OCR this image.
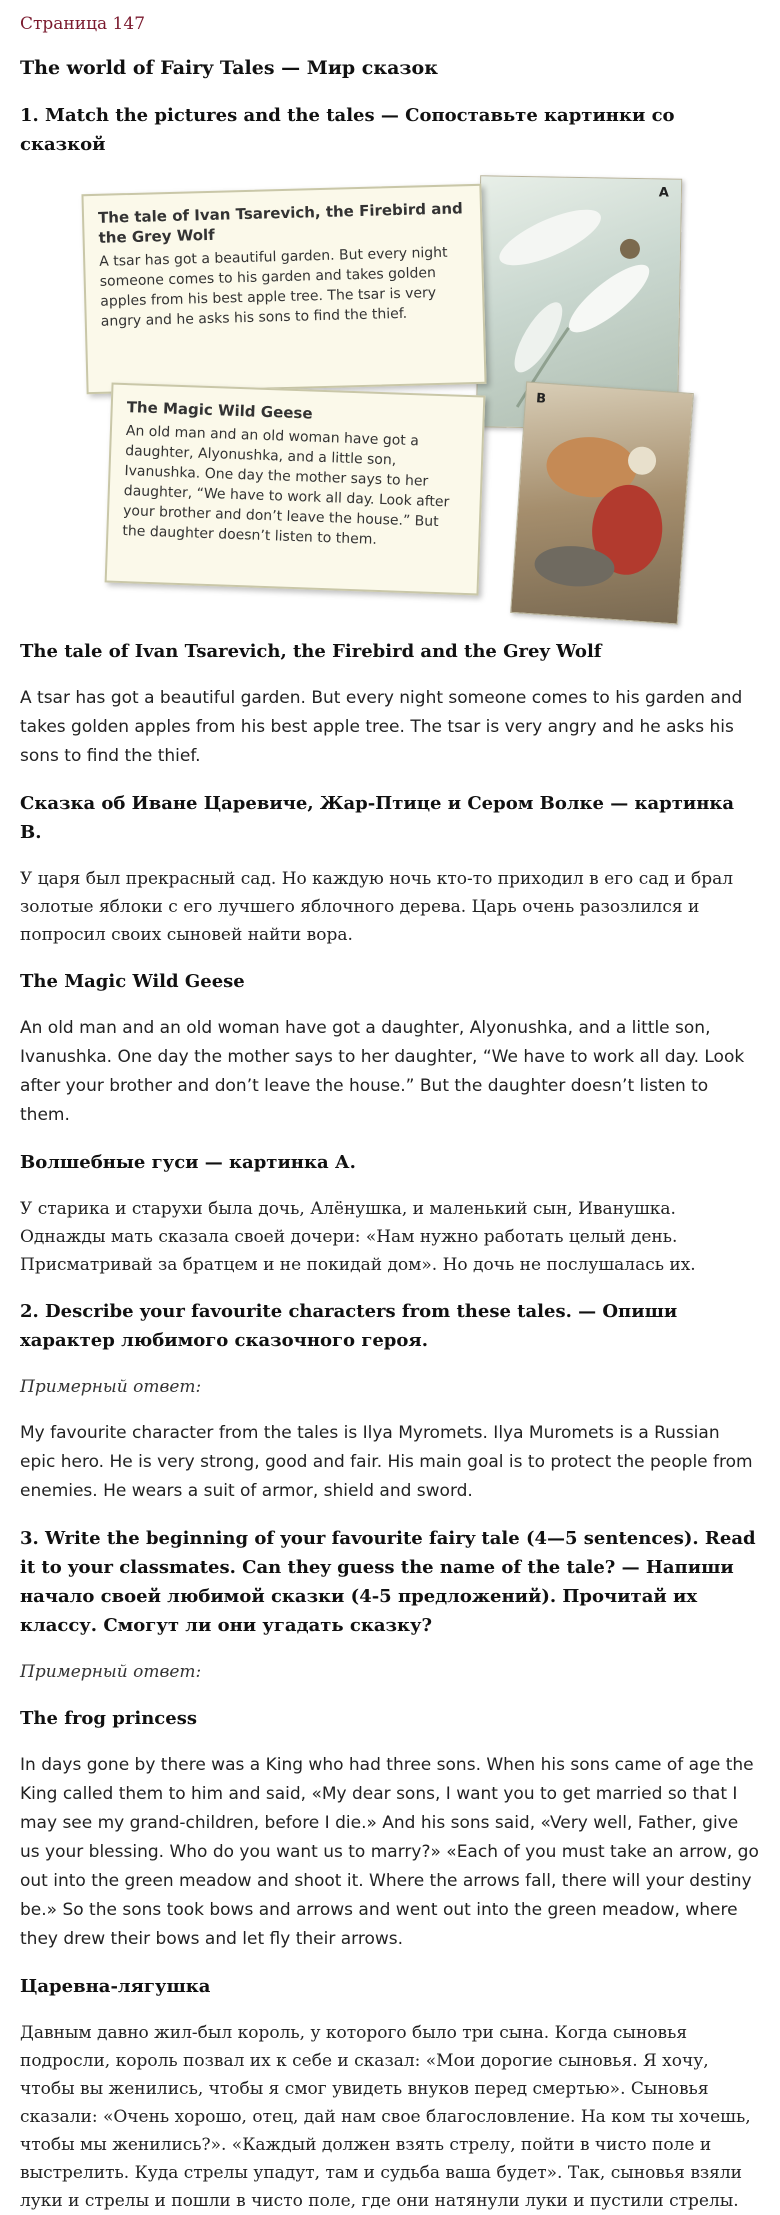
Страница 147
The world of Fairy Tales — Мир сказок
1. Match the pictures and the tales — Сопоставьте картинки со сказкой
A
B
The tale of Ivan Tsarevich, the Firebird and the Grey Wolf

A tsar has got a beautiful garden. But every night someone comes to his garden and takes golden apples from his best apple tree. The tsar is very angry and he asks his sons to find the thief.

The Magic Wild Geese

An old man and an old woman have got a daughter, Alyonushka, and a little son, Ivanushka. One day the mother says to her daughter, “We have to work all day. Look after your brother and don’t leave the house.” But the daughter doesn’t listen to them.

The tale of Ivan Tsarevich, the Firebird and the Grey Wolf

A tsar has got a beautiful garden. But every night someone comes to his garden and takes golden apples from his best apple tree. The tsar is very angry and he asks his sons to find the thief.

Сказка об Иване Царевиче, Жар-Птице и Сером Волке — картинка B.

У царя был прекрасный сад. Но каждую ночь кто-то приходил в его сад и брал золотые яблоки с его лучшего яблочного дерева. Царь очень разозлился и попросил своих сыновей найти вора.

The Magic Wild Geese

An old man and an old woman have got a daughter, Alyonushka, and a little son, Ivanushka. One day the mother says to her daughter, “We have to work all day. Look after your brother and don’t leave the house.” But the daughter doesn’t listen to them.

Волшебные гуси — картинка А.

У старика и старухи была дочь, Алёнушка, и маленький сын, Иванушка. Однажды мать сказала своей дочери: «Нам нужно работать целый день. Присматривай за братцем и не покидай дом». Но дочь не послушалась их.

2. Describe your favourite characters from these tales. — Опиши характер любимого сказочного героя.

Примерный ответ:

My favourite character from the tales is Ilya Myromets. Ilya Muromets is a Russian epic hero. He is very strong, good and fair. His main goal is to protect the people from enemies. He wears a suit of armor, shield and sword.

3. Write the beginning of your favourite fairy tale (4—5 sentences). Read it to your classmates. Can they guess the name of the tale? — Напиши начало своей любимой сказки (4-5 предложений). Прочитай их классу. Смогут ли они угадать сказку?

Примерный ответ:

The frog princess

In days gone by there was a King who had three sons. When his sons came of age the King called them to him and said, «My dear sons, I want you to get married so that I may see my grand-children, before I die.» And his sons said, «Very well, Father, give us your blessing. Who do you want us to marry?» «Each of you must take an arrow, go out into the green meadow and shoot it. Where the arrows fall, there will your destiny be.» So the sons took bows and arrows and went out into the green meadow, where they drew their bows and let fly their arrows.

Царевна-лягушка

Давным давно жил-был король, у которого было три сына. Когда сыновья подросли, король позвал их к себе и сказал: «Мои дорогие сыновья. Я хочу, чтобы вы женились, чтобы я смог увидеть внуков перед смертью». Сыновья сказали: «Очень хорошо, отец, дай нам свое благословление. На ком ты хочешь, чтобы мы женились?». «Каждый должен взять стрелу, пойти в чисто поле и выстрелить. Куда стрелы упадут, там и судьба ваша будет». Так, сыновья взяли луки и стрелы и пошли в чисто поле, где они натянули луки и пустили стрелы.
